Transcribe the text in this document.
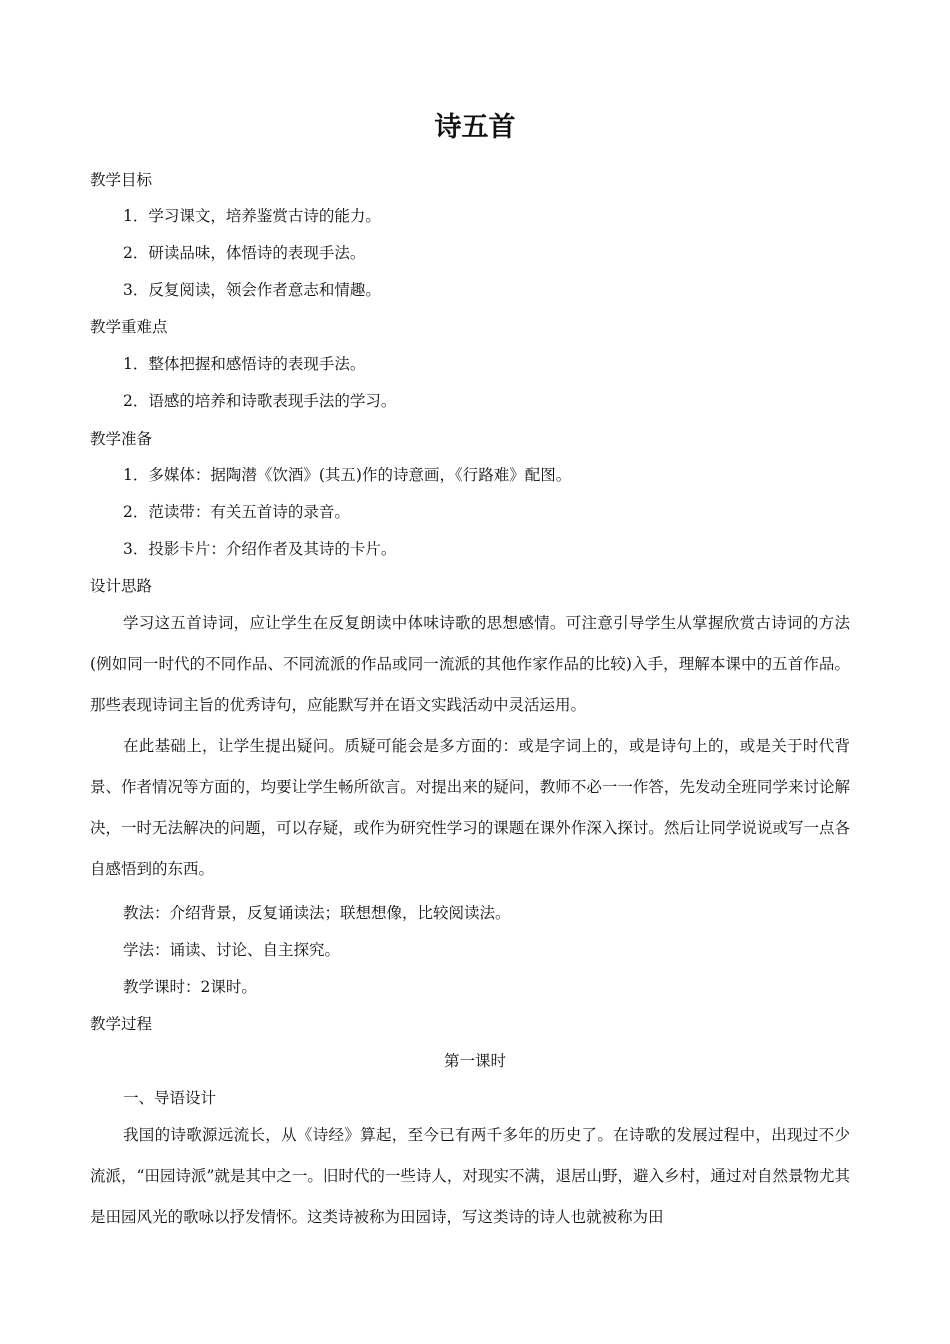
诗五首
教学目标
1．学习课文，培养鉴赏古诗的能力。
2．研读品味，体悟诗的表现手法。
3．反复阅读，领会作者意志和情趣。
教学重难点
1．整体把握和感悟诗的表现手法。
2．语感的培养和诗歌表现手法的学习。
教学准备
1．多媒体：据陶潜《饮酒》(其五)作的诗意画，《行路难》配图。
2．范读带：有关五首诗的录音。
3．投影卡片：介绍作者及其诗的卡片。
设计思路
学习这五首诗词，应让学生在反复朗读中体味诗歌的思想感情。可注意引导学生从掌握欣赏古诗词的方法(例如同一时代的不同作品、不同流派的作品或同一流派的其他作家作品的比较)入手，理解本课中的五首作品。那些表现诗词主旨的优秀诗句，应能默写并在语文实践活动中灵活运用。
在此基础上，让学生提出疑问。质疑可能会是多方面的：或是字词上的，或是诗句上的，或是关于时代背景、作者情况等方面的，均要让学生畅所欲言。对提出来的疑问，教师不必一一作答，先发动全班同学来讨论解决，一时无法解决的问题，可以存疑，或作为研究性学习的课题在课外作深入探讨。然后让同学说说或写一点各自感悟到的东西。
教法：介绍背景，反复诵读法；联想想像，比较阅读法。
学法：诵读、讨论、自主探究。
教学课时：2课时。
教学过程
第一课时
一、导语设计
我国的诗歌源远流长，从《诗经》算起，至今已有两千多年的历史了。在诗歌的发展过程中，出现过不少流派，“田园诗派”就是其中之一。旧时代的一些诗人，对现实不满，退居山野，避入乡村，通过对自然景物尤其是田园风光的歌咏以抒发情怀。这类诗被称为田园诗，写这类诗的诗人也就被称为田
